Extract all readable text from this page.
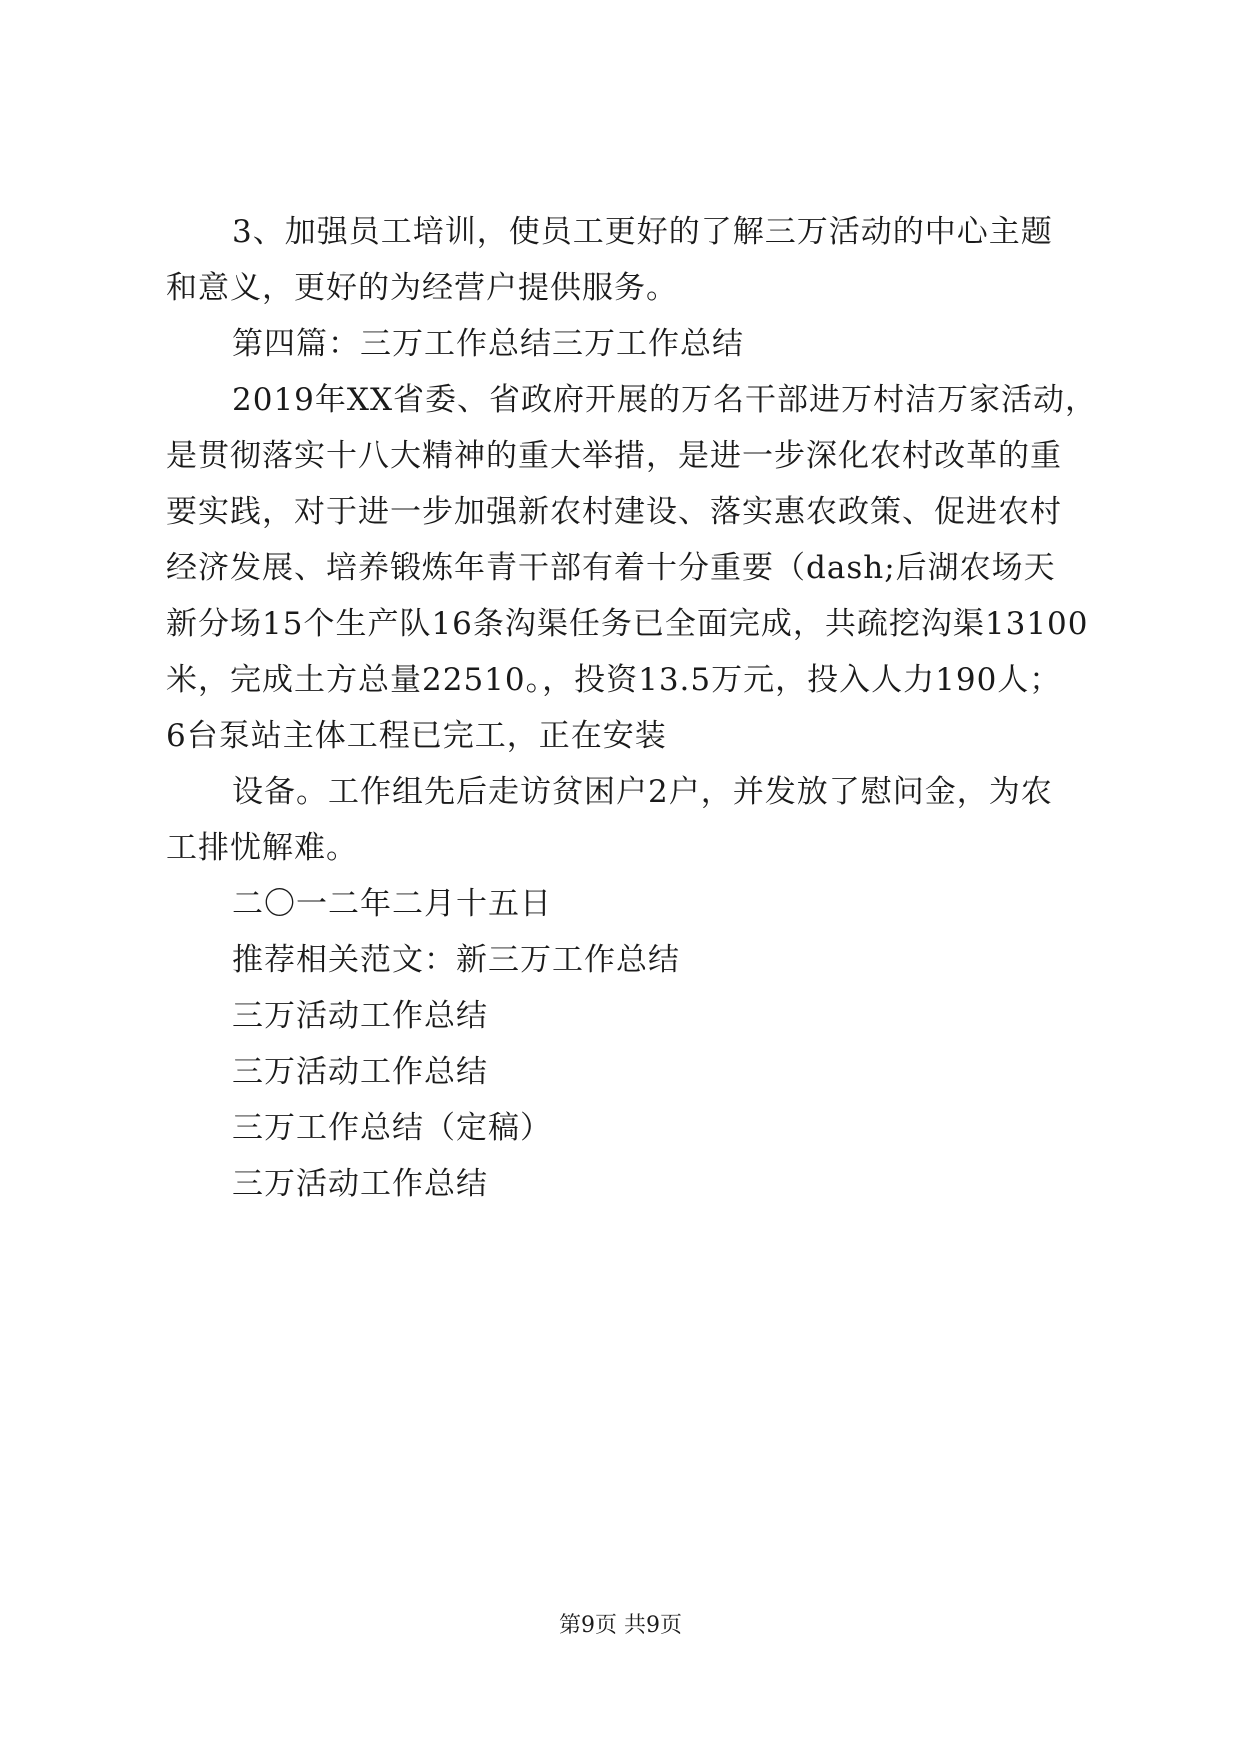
3、加强员工培训，使员工更好的了解三万活动的中心主题
和意义，更好的为经营户提供服务。
第四篇：三万工作总结三万工作总结
2019年XX省委、省政府开展的万名干部进万村洁万家活动，
是贯彻落实十八大精神的重大举措，是进一步深化农村改革的重
要实践，对于进一步加强新农村建设、落实惠农政策、促进农村
经济发展、培养锻炼年青干部有着十分重要（dash;后湖农场天
新分场15个生产队16条沟渠任务已全面完成，共疏挖沟渠13100
米，完成土方总量22510。，投资13.5万元，投入人力190人；
6台泵站主体工程已完工，正在安装
设备。工作组先后走访贫困户2户，并发放了慰问金，为农
工排忧解难。
二〇一二年二月十五日
推荐相关范文：新三万工作总结
三万活动工作总结
三万活动工作总结
三万工作总结（定稿）
三万活动工作总结
第9页 共9页
